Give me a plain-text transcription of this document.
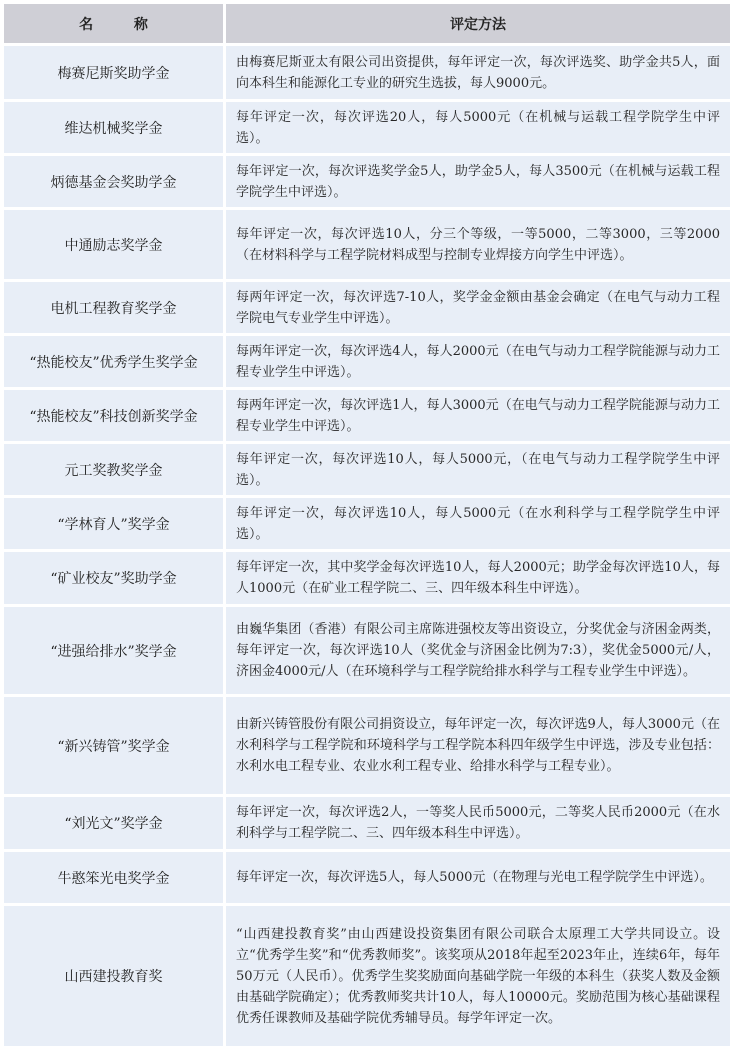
名 称	评定方法
梅赛尼斯奖助学金	由梅赛尼斯亚太有限公司出资提供，每年评定一次，每次评选奖、助学金共5人，面向本科生和能源化工专业的研究生选拔，每人9000元。
维达机械奖学金	每年评定一次，每次评选20人，每人5000元（在机械与运载工程学院学生中评选）。
炳德基金会奖助学金	每年评定一次，每次评选奖学金5人，助学金5人，每人3500元（在机械与运载工程学院学生中评选）。
中通励志奖学金	每年评定一次，每次评选10人，分三个等级，一等5000，二等3000，三等2000（在材料科学与工程学院材料成型与控制专业焊接方向学生中评选）。
电机工程教育奖学金	每两年评定一次，每次评选7-10人，奖学金金额由基金会确定（在电气与动力工程学院电气专业学生中评选）。
“热能校友”优秀学生奖学金	每两年评定一次，每次评选4人，每人2000元（在电气与动力工程学院能源与动力工程专业学生中评选）。
“热能校友”科技创新奖学金	每两年评定一次，每次评选1人，每人3000元（在电气与动力工程学院能源与动力工程专业学生中评选）。
元工奖教奖学金	每年评定一次，每次评选10人，每人5000元，（在电气与动力工程学院学生中评选）。
“学林育人”奖学金	每年评定一次，每次评选10人，每人5000元（在水利科学与工程学院学生中评选）。
“矿业校友”奖助学金	每年评定一次，其中奖学金每次评选10人，每人2000元；助学金每次评选10人，每人1000元（在矿业工程学院二、三、四年级本科生中评选）。
“进强给排水”奖学金	由巍华集团（香港）有限公司主席陈进强校友等出资设立，分奖优金与济困金两类，每年评定一次，每次评选10人（奖优金与济困金比例为7:3），奖优金5000元/人，济困金4000元/人（在环境科学与工程学院给排水科学与工程专业学生中评选）。
“新兴铸管”奖学金	由新兴铸管股份有限公司捐资设立，每年评定一次，每次评选9人，每人3000元（在水利科学与工程学院和环境科学与工程学院本科四年级学生中评选，涉及专业包括：水利水电工程专业、农业水利工程专业、给排水科学与工程专业）。
“刘光文”奖学金	每年评定一次，每次评选2人，一等奖人民币5000元，二等奖人民币2000元（在水利科学与工程学院二、三、四年级本科生中评选）。
牛憨笨光电奖学金	每年评定一次，每次评选5人，每人5000元（在物理与光电工程学院学生中评选）。
山西建投教育奖	“山西建投教育奖”由山西建设投资集团有限公司联合太原理工大学共同设立。设立“优秀学生奖”和“优秀教师奖”。该奖项从2018年起至2023年止，连续6年，每年50万元（人民币）。优秀学生奖奖励面向基础学院一年级的本科生（获奖人数及金额由基础学院确定）；优秀教师奖共计10人，每人10000元。奖励范围为核心基础课程优秀任课教师及基础学院优秀辅导员。每学年评定一次。
